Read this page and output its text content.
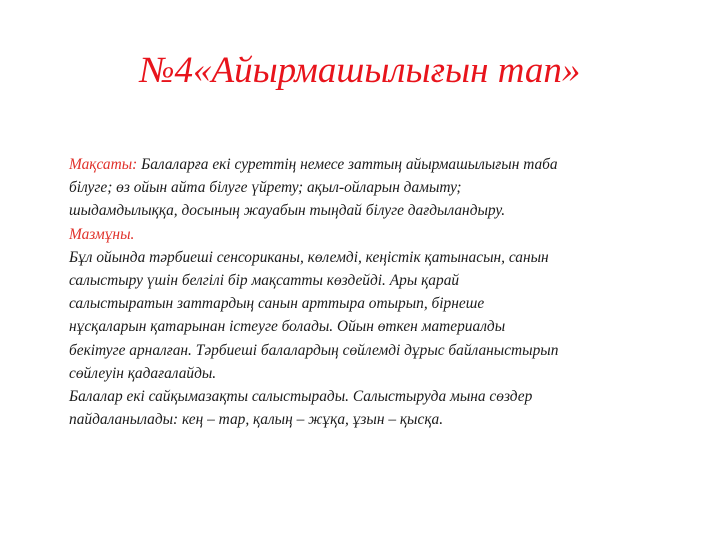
№4«Айырмашылығын тап»
Мақсаты: Балаларға екі суреттің немесе заттың айырмашылығын таба
білуге; өз ойын айта білуге үйрету; ақыл-ойларын дамыту;
шыдамдылыққа, досының жауабын тыңдай білуге дағдыландыру.
Мазмұны.
Бұл ойында тәрбиеші сенсориканы, көлемді, кеңістік қатынасын, санын
салыстыру үшін белгілі бір мақсатты көздейді. Ары қарай
салыстыратын заттардың санын арттыра отырып, бірнеше
нұсқаларын қатарынан істеуге болады. Ойын өткен материалды
бекітуге арналған. Тәрбиеші балалардың сөйлемді дұрыс байланыстырып
сөйлеуін қадағалайды.
Балалар екі сайқымазақты салыстырады. Салыстыруда мына сөздер
пайдаланылады: кең – тар, қалың – жұқа, ұзын – қысқа.
